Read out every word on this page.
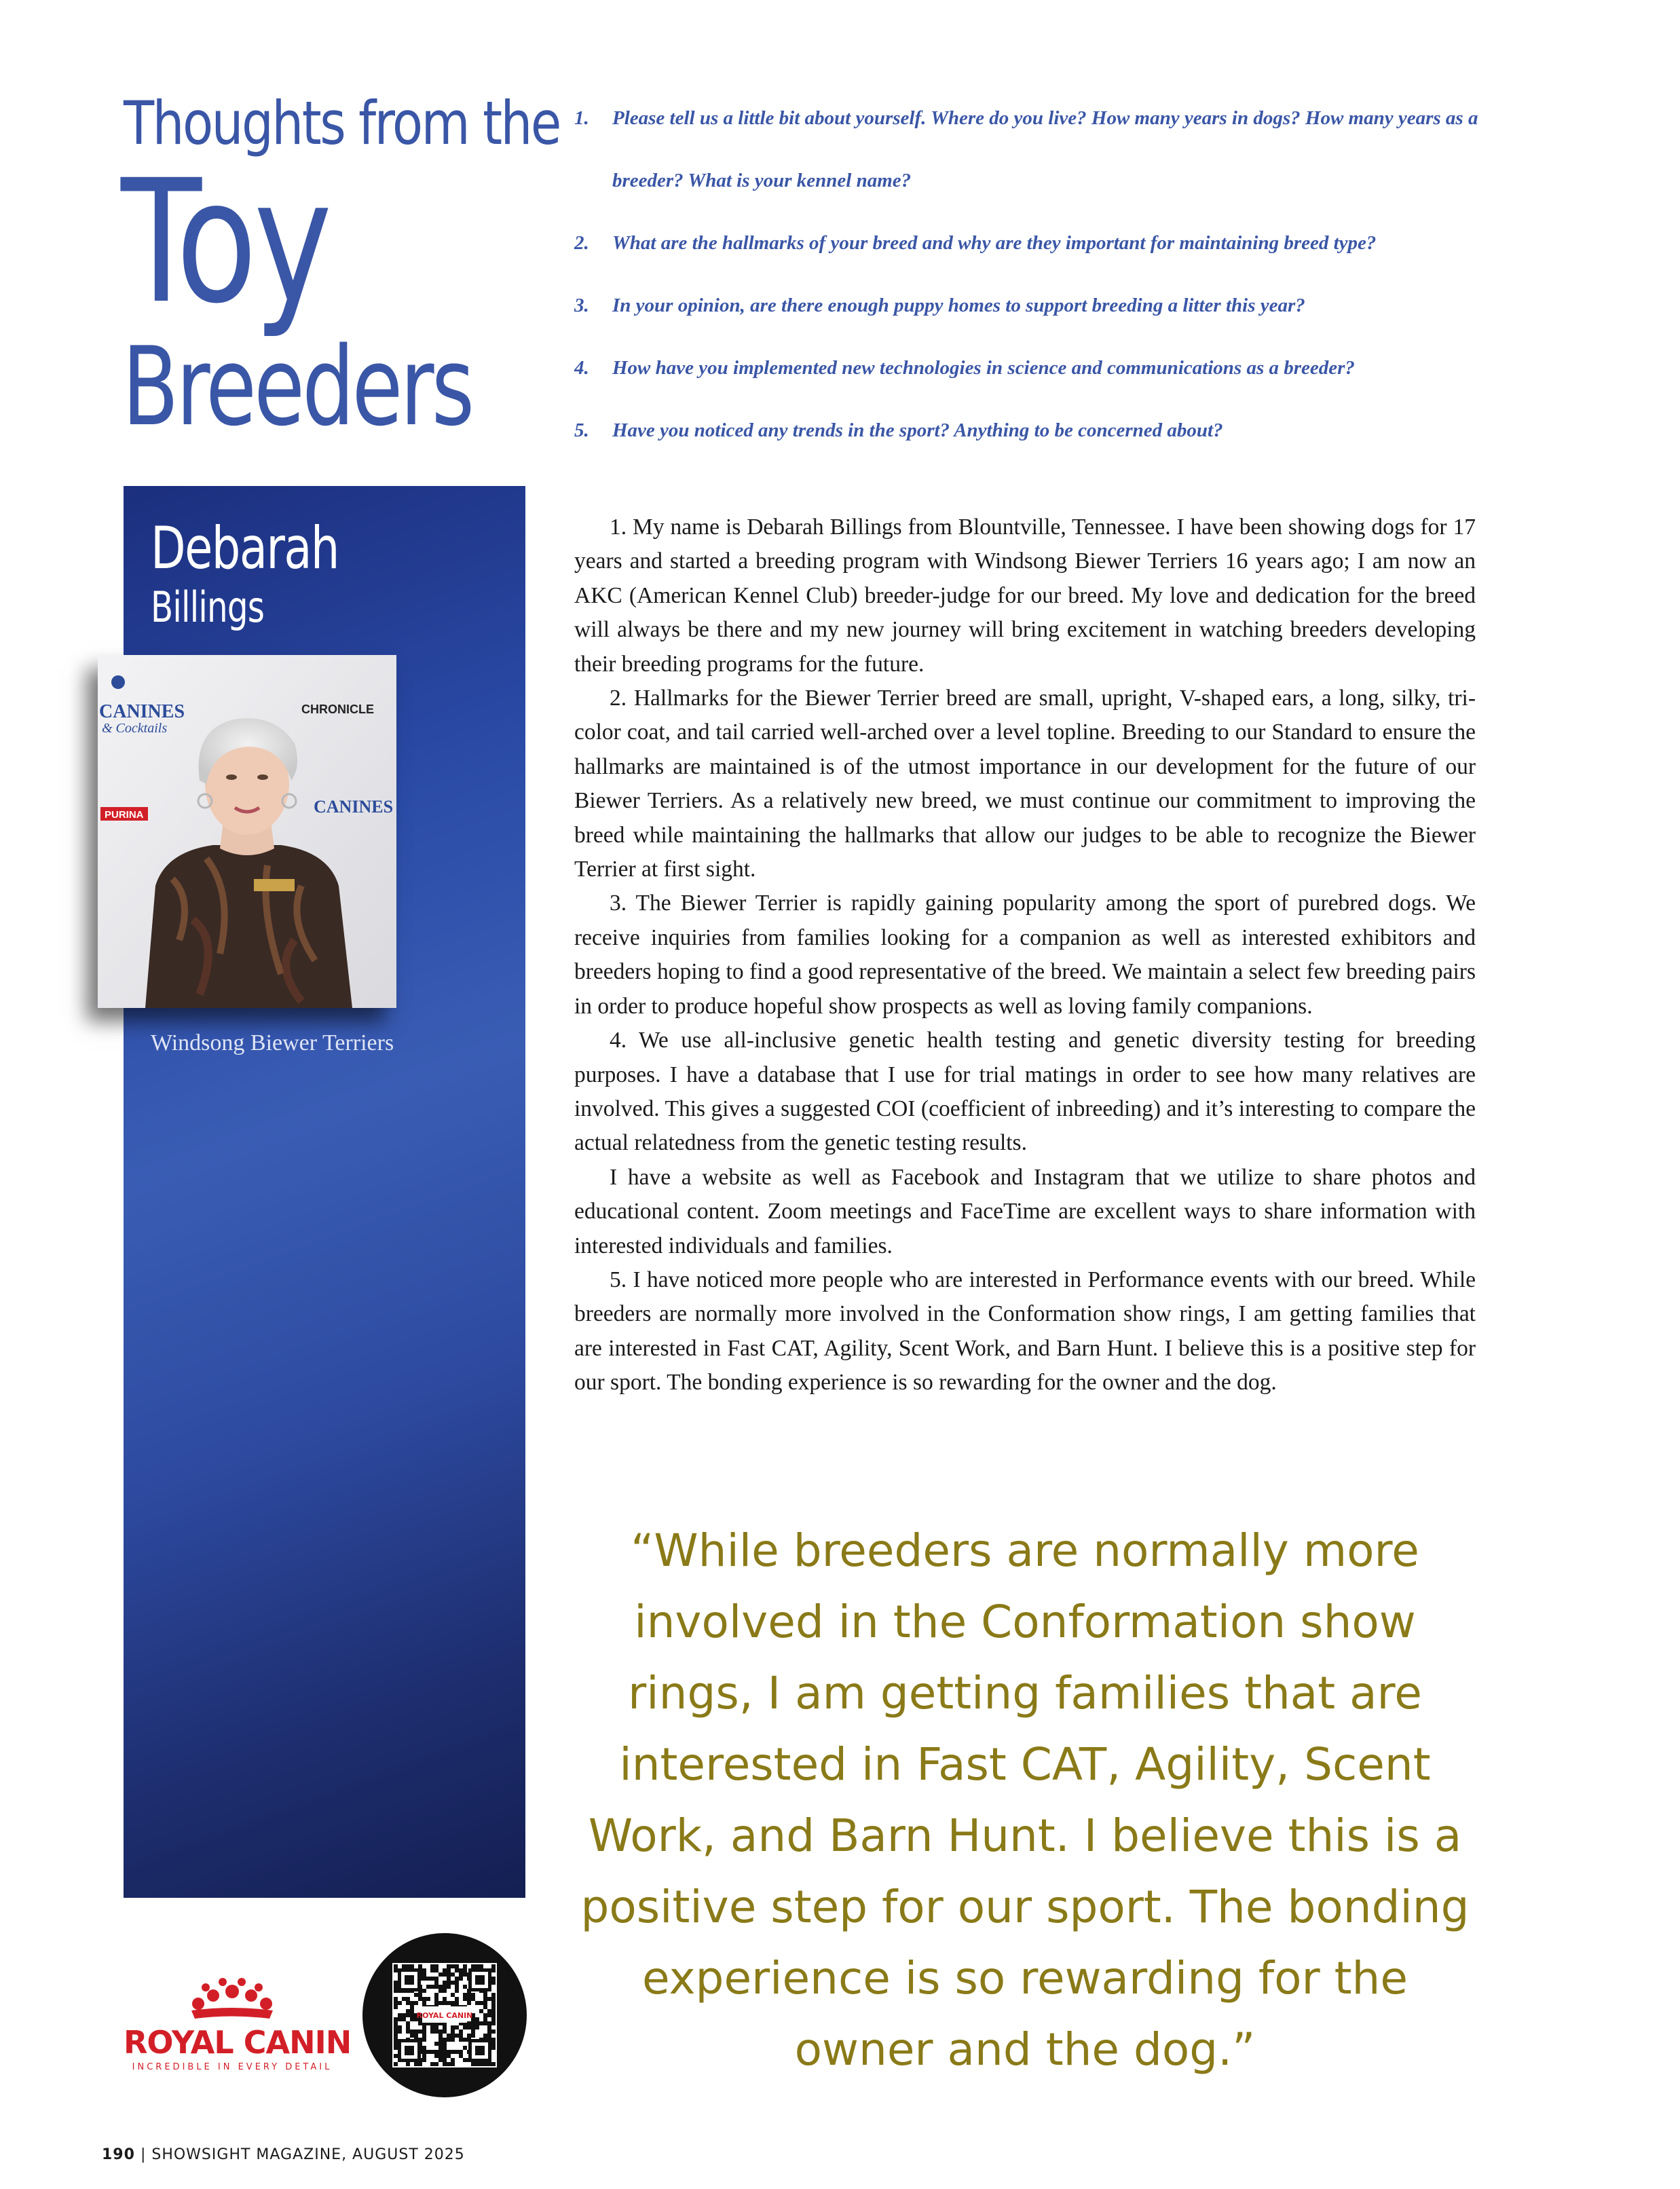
Thoughts from the
Toy
Breeders
1. Please tell us a little bit about yourself. Where do you live? How many years in dogs? How many years as a breeder? What is your kennel name?
2. What are the hallmarks of your breed and why are they important for maintaining breed type?
3. In your opinion, are there enough puppy homes to support breeding a litter this year?
4. How have you implemented new technologies in science and communications as a breeder?
5. Have you noticed any trends in the sport? Anything to be concerned about?
Debarah
Billings
CANINES
& Cocktails
CHRONICLE
PURINA	CANINES
Windsong Biewer Terriers

1. My name is Debarah Billings from Blountville, Tennessee. I have been showing dogs for 17 years and started a breeding program with Windsong Biewer Terriers 16 years ago; I am now an AKC (American Kennel Club) breeder-judge for our breed. My love and dedication for the breed will always be there and my new journey will bring excitement in watching breeders developing their breeding programs for the future.

2. Hallmarks for the Biewer Terrier breed are small, upright, V-shaped ears, a long, silky, tri-color coat, and tail carried well-arched over a level topline. Breeding to our Standard to ensure the hallmarks are maintained is of the utmost importance in our development for the future of our Biewer Terriers. As a relatively new breed, we must continue our commitment to improving the breed while maintaining the hallmarks that allow our judges to be able to recognize the Biewer Terrier at first sight.

3. The Biewer Terrier is rapidly gaining popularity among the sport of purebred dogs. We receive inquiries from families looking for a companion as well as interested exhibitors and breeders hoping to find a good representative of the breed. We maintain a select few breeding pairs in order to produce hopeful show prospects as well as loving family companions.

4. We use all-inclusive genetic health testing and genetic diversity testing for breeding purposes. I have a database that I use for trial matings in order to see how many relatives are involved. This gives a suggested COI (coefficient of inbreeding) and it’s interesting to compare the actual relatedness from the genetic testing results.

I have a website as well as Facebook and Instagram that we utilize to share photos and educational content. Zoom meetings and FaceTime are excellent ways to share information with interested individuals and families.

5. I have noticed more people who are interested in Performance events with our breed. While breeders are normally more involved in the Conformation show rings, I am getting families that are interested in Fast CAT, Agility, Scent Work, and Barn Hunt. I believe this is a positive step for our sport. The bonding experience is so rewarding for the owner and the dog.

“While breeders are normally more involved in the Conformation show rings, I am getting families that are interested in Fast CAT, Agility, Scent Work, and Barn Hunt. I believe this is a positive step for our sport. The bonding experience is so rewarding for the owner and the dog.”
ROYAL CANIN
INCREDIBLE IN EVERY DETAIL
ROYAL CANIN
190 | SHOWSIGHT MAGAZINE, AUGUST 2025
